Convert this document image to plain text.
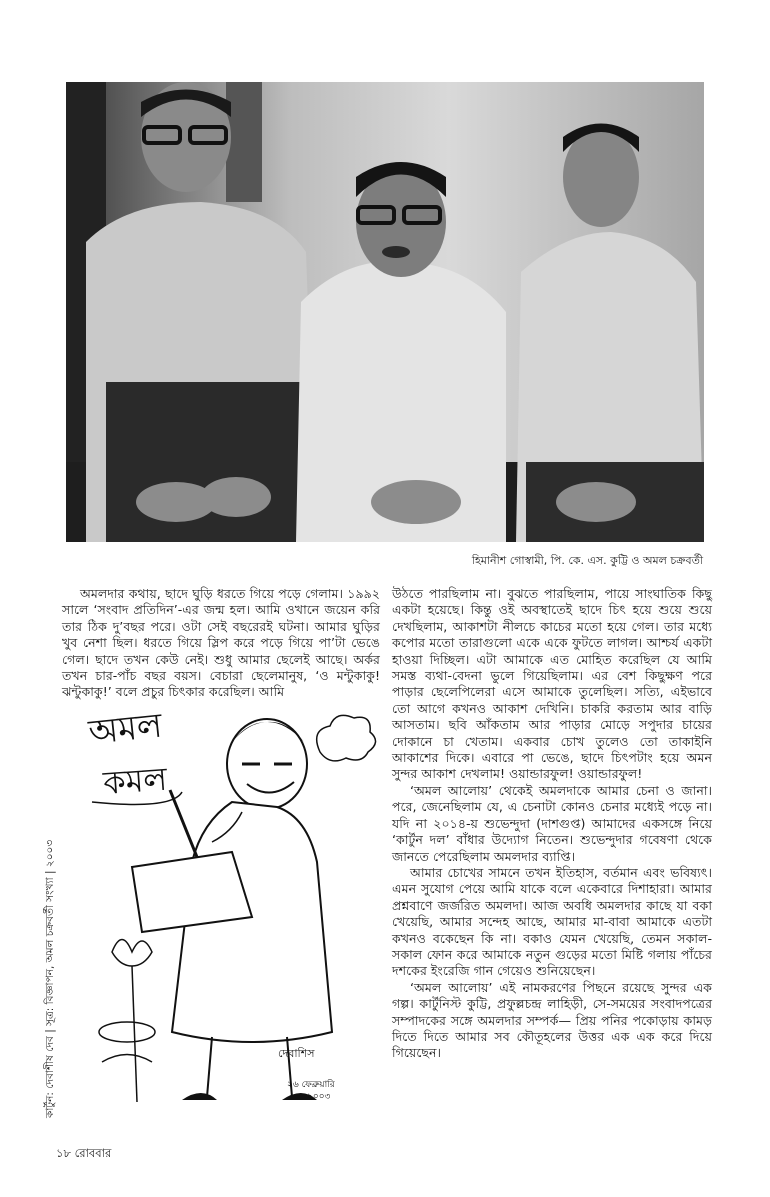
হিমানীশ গোস্বামী, পি. কে. এস. কুট্টি ও অমল চক্রবর্তী

অমলদার কথায়, ছাদে ঘুড়ি ধরতে গিয়ে পড়ে গেলাম। ১৯৯২ সালে ‘সংবাদ প্রতিদিন’-এর জন্ম হল। আমি ওখানে জয়েন করি তার ঠিক দু’বছর পরে। ওটা সেই বছরেরই ঘটনা। আমার ঘুড়ির খুব নেশা ছিল। ধরতে গিয়ে স্লিপ করে পড়ে গিয়ে পা’টা ভেঙে গেল। ছাদে তখন কেউ নেই। শুধু আমার ছেলেই আছে। অর্কর তখন চার-পাঁচ বছর বয়স। বেচারা ছেলেমানুষ, ‘ও মন্টুকাকু! ঝন্টুকাকু!’ বলে প্রচুর চিৎকার করেছিল। আমি

অমল
কমল
দেবাশিস
২৬ ফেব্রুয়ারি
২০০৩
কার্টুন: দেবাশীষ দেব | সূত্র: বিজ্ঞাপন, অমল চক্রবর্তী সংখ্যা | ২০০৩

উঠতে পারছিলাম না। বুঝতে পারছিলাম, পায়ে সাংঘাতিক কিছু একটা হয়েছে। কিন্তু ওই অবস্থাতেই ছাদে চিৎ হয়ে শুয়ে শুয়ে দেখছিলাম, আকাশটা নীলচে কাচের মতো হয়ে গেল। তার মধ্যে কপোর মতো তারাগুলো একে একে ফুটতে লাগল। আশ্চর্য একটা হাওয়া দিচ্ছিল। এটা আমাকে এত মোহিত করেছিল যে আমি সমস্ত ব্যথা-বেদনা ভুলে গিয়েছিলাম। এর বেশ কিছুক্ষণ পরে পাড়ার ছেলেপিলেরা এসে আমাকে তুলেছিল। সত্যি, এইভাবে তো আগে কখনও আকাশ দেখিনি। চাকরি করতাম আর বাড়ি আসতাম। ছবি আঁকতাম আর পাড়ার মোড়ে সপুদার চায়ের দোকানে চা খেতাম। একবার চোখ তুলেও তো তাকাইনি আকাশের দিকে। এবারে পা ভেঙে, ছাদে চিৎপটাং হয়ে অমন সুন্দর আকাশ দেখলাম! ওয়ান্ডারফুল! ওয়ান্ডারফুল!

‘অমল আলোয়’ থেকেই অমলদাকে আমার চেনা ও জানা। পরে, জেনেছিলাম যে, এ চেনাটা কোনও চেনার মধ্যেই পড়ে না। যদি না ২০১৪-য় শুভেন্দুদা (দাশগুপ্ত) আমাদের একসঙ্গে নিয়ে ‘কার্টুন দল’ বাঁধার উদ্যোগ নিতেন। শুভেন্দুদার গবেষণা থেকে জানতে পেরেছিলাম অমলদার ব্যাপ্তি।

আমার চোখের সামনে তখন ইতিহাস, বর্তমান এবং ভবিষ্যৎ। এমন সুযোগ পেয়ে আমি যাকে বলে একেবারে দিশাহারা। আমার প্রশ্নবাণে জর্জরিত অমলদা। আজ অবধি অমলদার কাছে যা বকা খেয়েছি, আমার সন্দেহ আছে, আমার মা-বাবা আমাকে এতটা কখনও বকেছেন কি না। বকাও যেমন খেয়েছি, তেমন সকাল-সকাল ফোন করে আমাকে নতুন গুড়ের মতো মিষ্টি গলায় পাঁচের দশকের ইংরেজি গান গেয়েও শুনিয়েছেন।

‘অমল আলোয়’ এই নামকরণের পিছনে রয়েছে সুন্দর এক গল্প। কার্টুনিস্ট কুট্টি, প্রফুল্লচন্দ্র লাহিড়ী, সে-সময়ের সংবাদপত্রের সম্পাদকের সঙ্গে অমলদার সম্পর্ক— প্রিয় পনির পকোড়ায় কামড় দিতে দিতে আমার সব কৌতূহলের উত্তর এক এক করে দিয়ে গিয়েছেন।

১৮ রোববার
